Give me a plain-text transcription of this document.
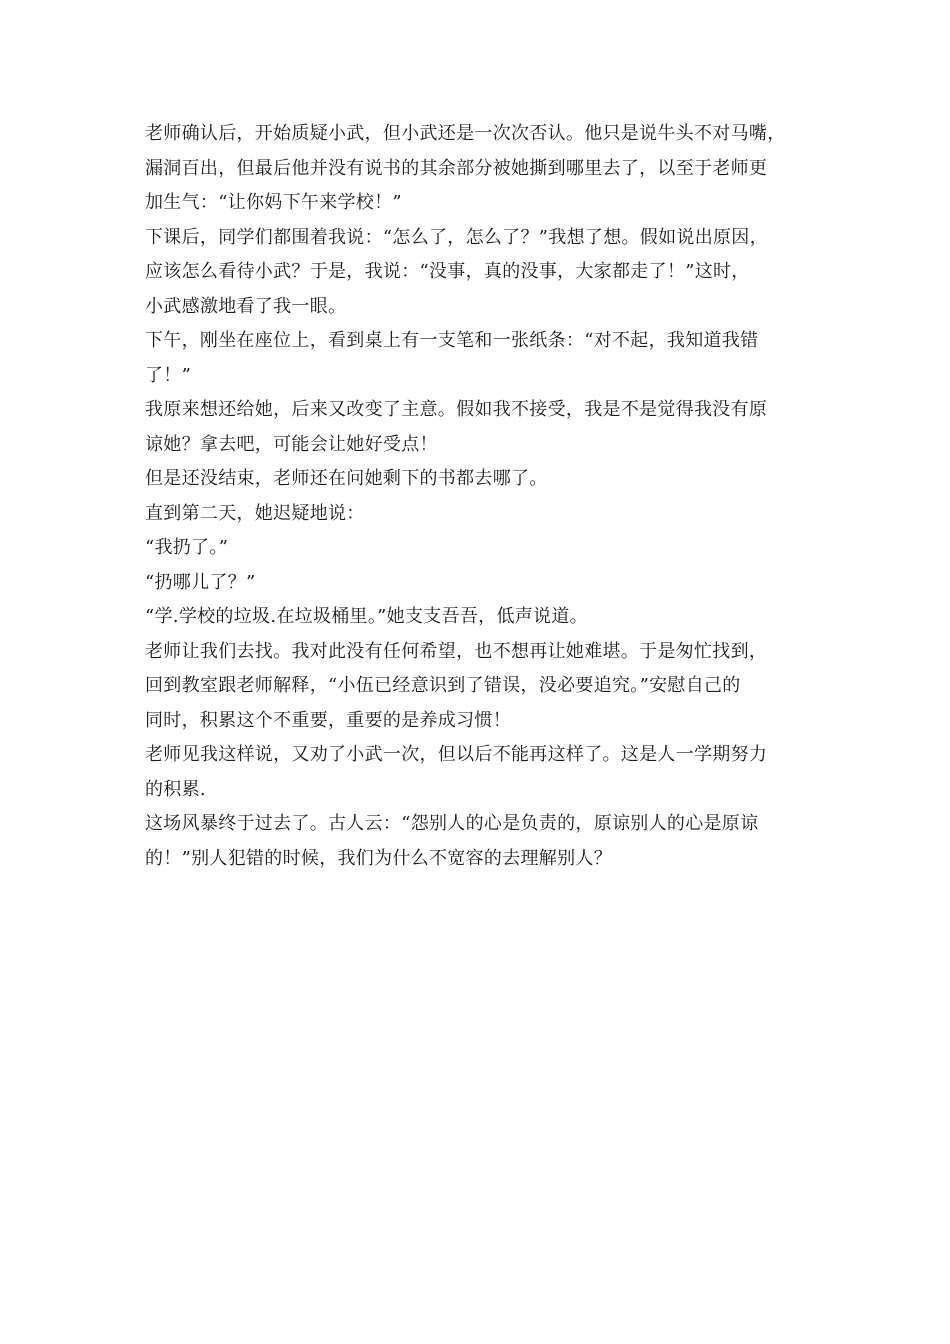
老师确认后，开始质疑小武，但小武还是一次次否认。他只是说牛头不对马嘴，
漏洞百出，但最后他并没有说书的其余部分被她撕到哪里去了，以至于老师更
加生气：“让你妈下午来学校！”
下课后，同学们都围着我说：“怎么了，怎么了？”我想了想。假如说出原因，
应该怎么看待小武？于是，我说：“没事，真的没事，大家都走了！”这时，
小武感激地看了我一眼。
下午，刚坐在座位上，看到桌上有一支笔和一张纸条：“对不起，我知道我错
了！”
我原来想还给她，后来又改变了主意。假如我不接受，我是不是觉得我没有原
谅她？拿去吧，可能会让她好受点！
但是还没结束，老师还在问她剩下的书都去哪了。
直到第二天，她迟疑地说：
“我扔了。”
“扔哪儿了？”
“学.学校的垃圾.在垃圾桶里。”她支支吾吾，低声说道。
老师让我们去找。我对此没有任何希望，也不想再让她难堪。于是匆忙找到，
回到教室跟老师解释，“小伍已经意识到了错误，没必要追究。”安慰自己的
同时，积累这个不重要，重要的是养成习惯！
老师见我这样说，又劝了小武一次，但以后不能再这样了。这是人一学期努力
的积累.
这场风暴终于过去了。古人云：“怨别人的心是负责的，原谅别人的心是原谅
的！”别人犯错的时候，我们为什么不宽容的去理解别人？
